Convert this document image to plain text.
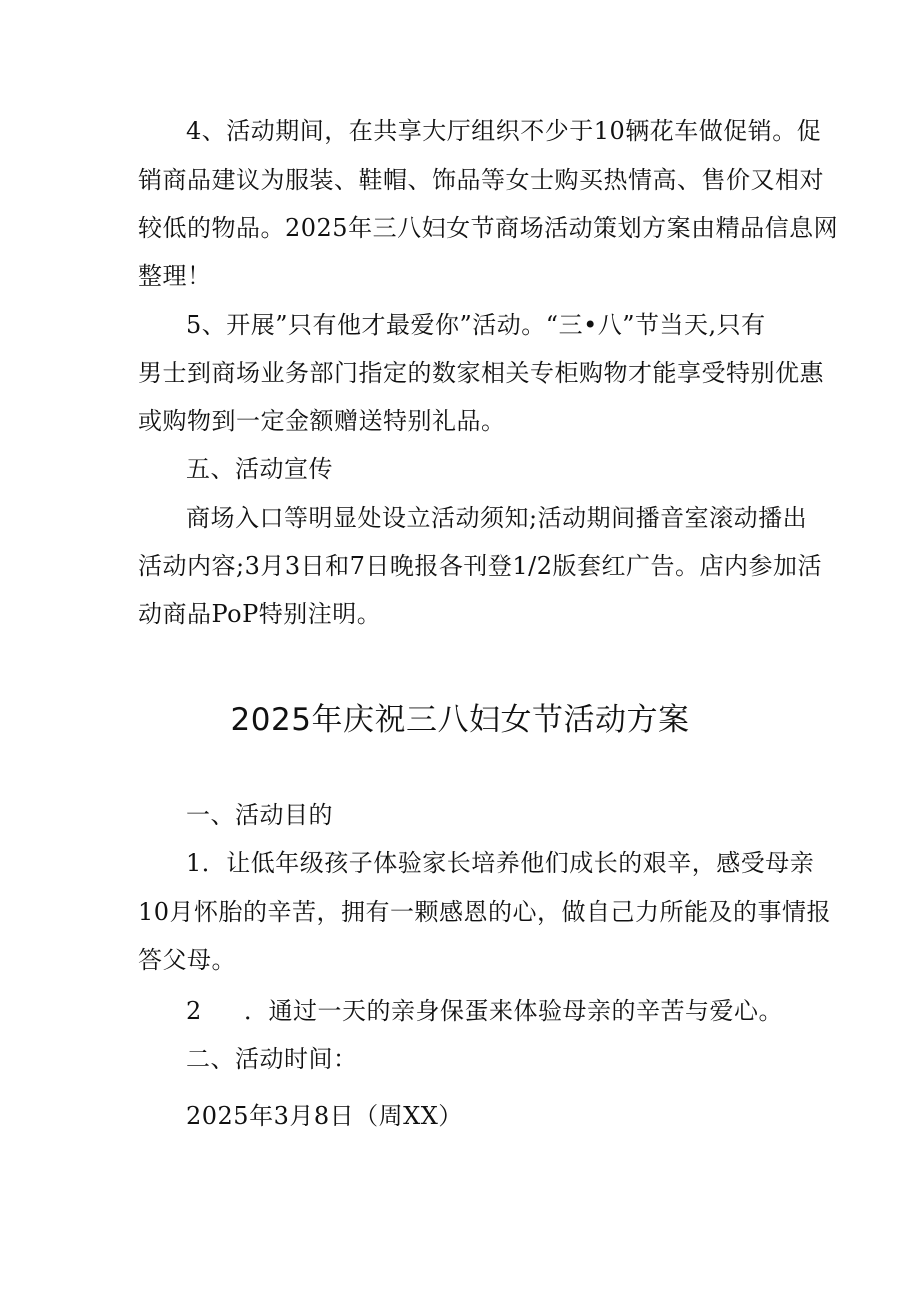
4、活动期间，在共享大厅组织不少于10辆花车做促销。促
销商品建议为服装、鞋帽、饰品等女士购买热情高、售价又相对
较低的物品。2025年三八妇女节商场活动策划方案由精品信息网
整理！
5、开展”只有他才最爱你”活动。“三•八”节当天,只有
男士到商场业务部门指定的数家相关专柜购物才能享受特别优惠
或购物到一定金额赠送特别礼品。
五、活动宣传
商场入口等明显处设立活动须知;活动期间播音室滚动播出
活动内容;3月3日和7日晚报各刊登1/2版套红广告。店内参加活
动商品PoP特别注明。
2025年庆祝三八妇女节活动方案
一、活动目的
1．让低年级孩子体验家长培养他们成长的艰辛，感受母亲
10月怀胎的辛苦，拥有一颗感恩的心，做自己力所能及的事情报
答父母。
2 ．通过一天的亲身保蛋来体验母亲的辛苦与爱心。
二、活动时间：
2025年3月8日（周XX）
